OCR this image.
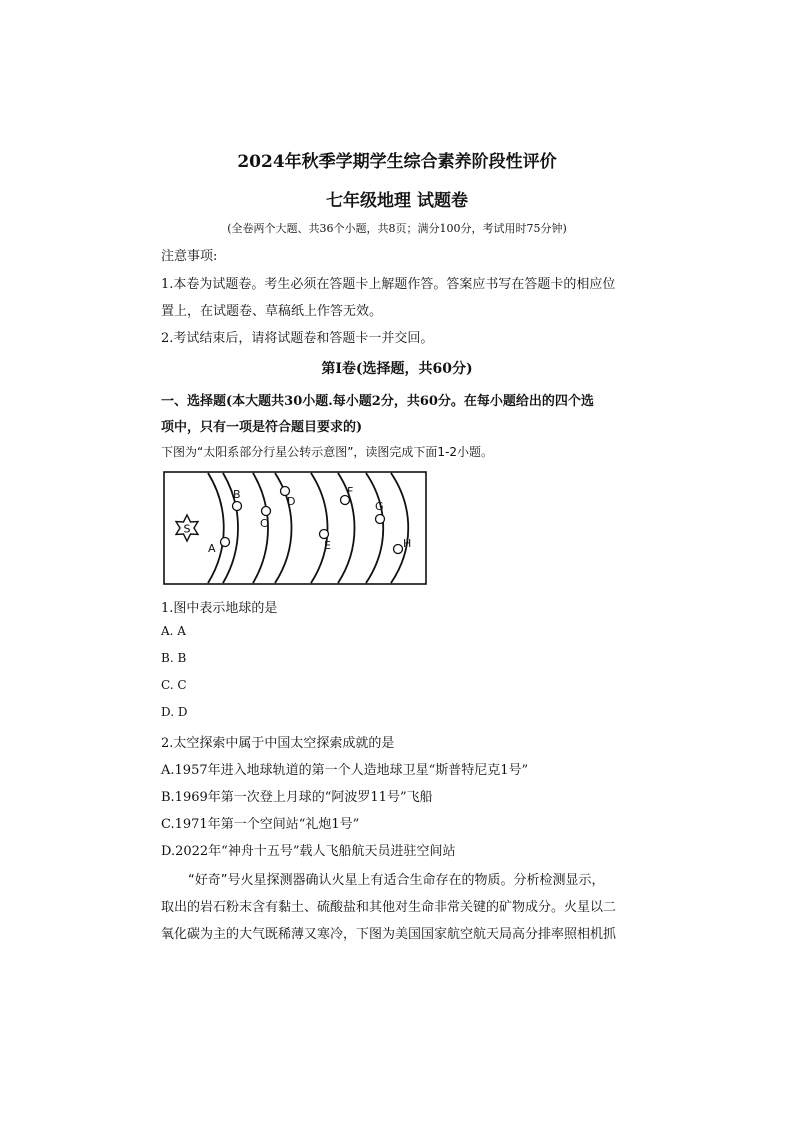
2024年秋季学期学生综合素养阶段性评价
七年级地理 试题卷
(全卷两个大题、共36个小题，共8页；满分100分，考试用时75分钟)
注意事项:
1.本卷为试题卷。考生必须在答题卡上解题作答。答案应书写在答题卡的相应位
置上，在试题卷、草稿纸上作答无效。
2.考试结束后，请将试题卷和答题卡一并交回。
第Ⅰ卷(选择题，共60分)
一、选择题(本大题共30小题.每小题2分，共60分。在每小题给出的四个选
项中，只有一项是符合题目要求的)
下图为“太阳系部分行星公转示意图”，读图完成下面1-2小题。
S
A
B
C
D
E
F
G
H
1.图中表示地球的是
A. A
B. B
C. C
D. D
2.太空探索中属于中国太空探索成就的是
A.1957年进入地球轨道的第一个人造地球卫星“斯普特尼克1号”
B.1969年第一次登上月球的“阿波罗11号”飞船
C.1971年第一个空间站“礼炮1号”
D.2022年“神舟十五号”载人飞船航天员进驻空间站
“好奇”号火星探测器确认火星上有适合生命存在的物质。分析检测显示，
取出的岩石粉末含有黏土、硫酸盐和其他对生命非常关键的矿物成分。火星以二
氧化碳为主的大气既稀薄又寒冷，下图为美国国家航空航天局高分排率照相机抓
